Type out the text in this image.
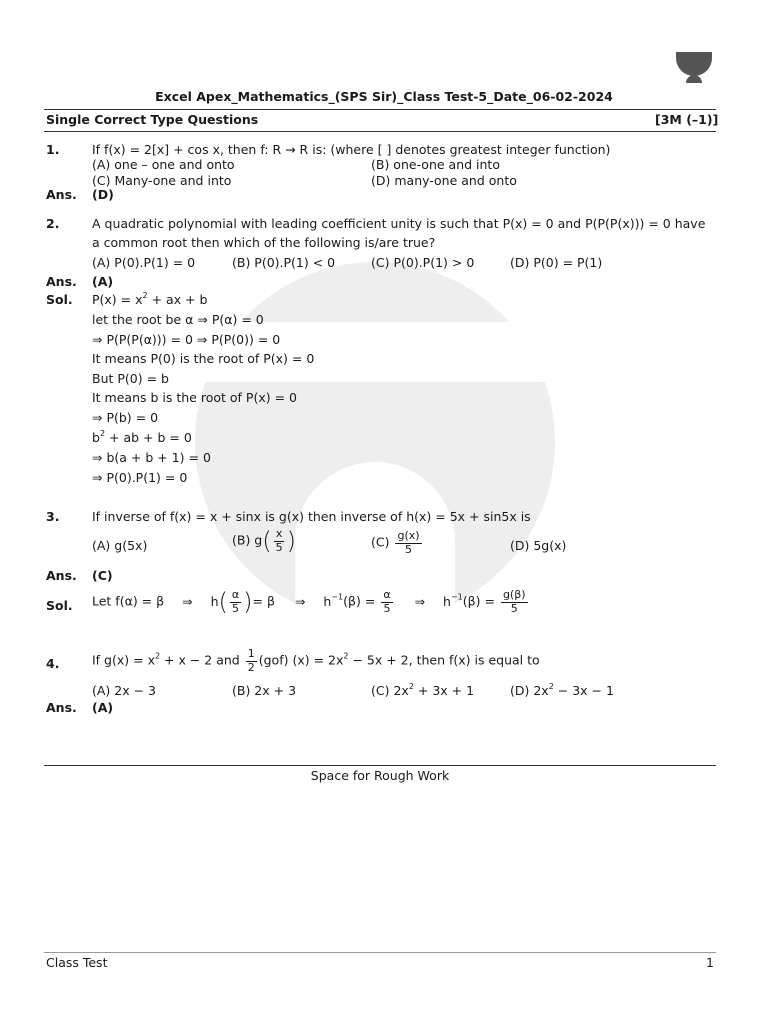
Excel Apex_Mathematics_(SPS Sir)_Class Test-5_Date_06-02-2024
Single Correct Type Questions	[3M (–1)]
1.	If f(x) = 2[x] + cos x, then f: R → R is: (where [ ] denotes greatest integer function)
(A) one – one and onto	(B) one-one and into
(C) Many-one and into	(D) many-one and onto
Ans. (D)
2.	A quadratic polynomial with leading coefficient unity is such that P(x) = 0 and P(P(P(x))) = 0 have
a common root then which of the following is/are true?
(A) P(0).P(1) = 0	(B) P(0).P(1) < 0	(C) P(0).P(1) > 0	(D) P(0) = P(1)
Ans. (A)
Sol. $P(x) = x^2$ + ax + b
let the root be α ⇒ P(α) = 0
⇒ P(P(P(α))) = 0 ⇒ P(P(0)) = 0
It means P(0) is the root of P(x) = 0
But P(0) = b
It means b is the root of P(x) = 0
⇒ P(b) = 0
$b^2$ + ab + b = 0
⇒ b(a + b + 1) = 0
⇒ P(0).P(1) = 0
3.	If inverse of f(x) = x + sinx is g(x) then inverse of h(x) = 5x + sin5x is
(A) g(5x)	(B) $g( \frac{x}{5}$ )	$(C) \frac{g(x)}{5}$	(D) 5g(x)
Ans. (C)
Sol. Let f(α) = β ⇒ $h( \frac{\alpha}{5}$ )= β ⇒ $h^{-1}(\beta) = \frac{\alpha}{5}$ ⇒ $h^{-1}(\beta) = \frac{g(\beta)}{5}$
4.	If $g(x) = x^2 + x - 2$ and $\frac{1}{2} (gof) (x) = 2x^2 - 5x + 2$, then f(x) is equal to
(A) 2x − 3	(B) 2x + 3	(C) $2x^2 + 3x + 1$	(D) $2x^2 - 3x - 1$
Ans. (A)
Space for Rough Work
Class Test	1
